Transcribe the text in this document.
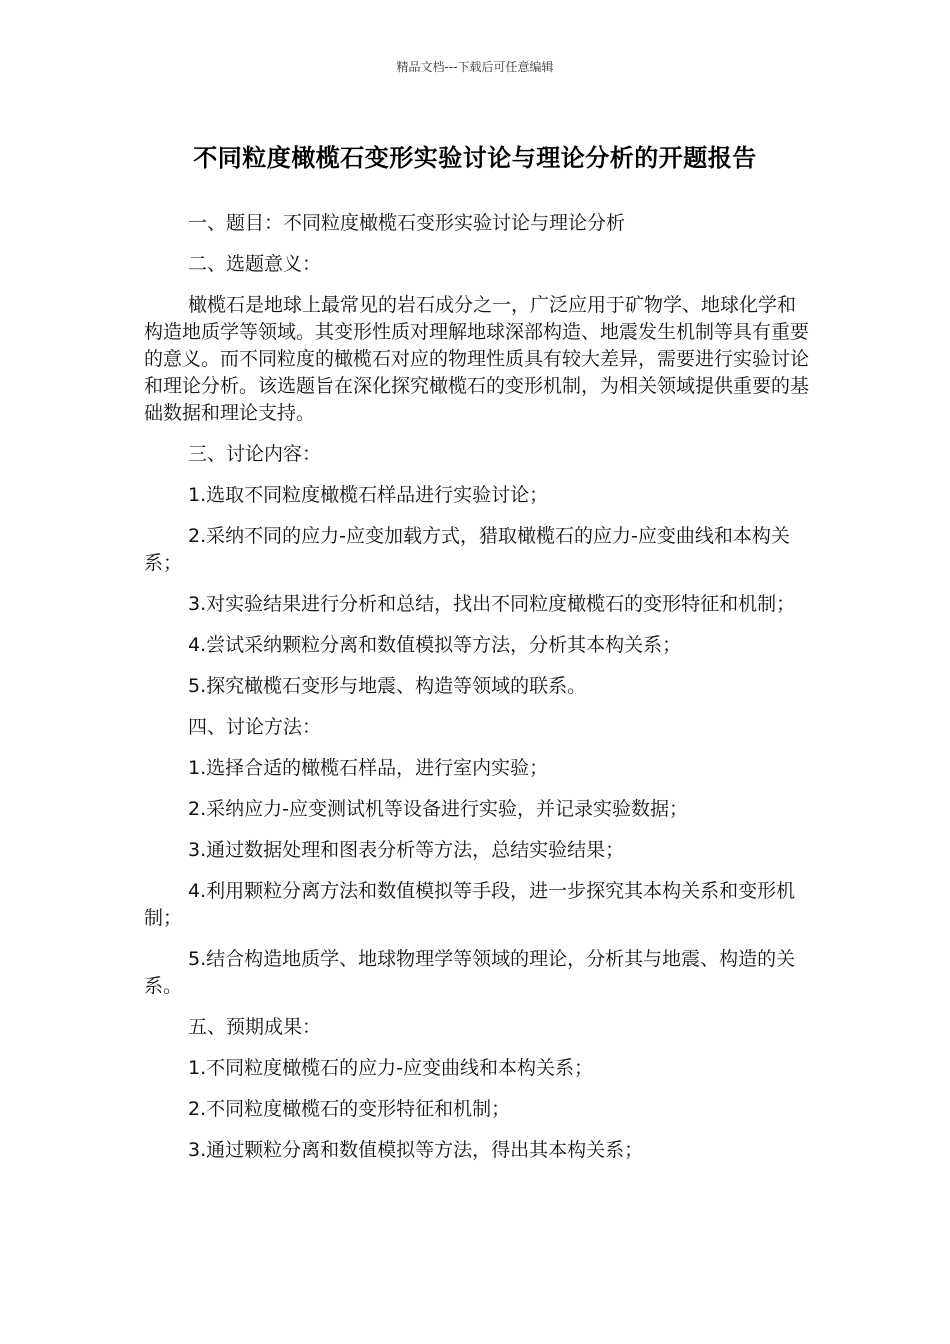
精品文档---下载后可任意编辑
不同粒度橄榄石变形实验讨论与理论分析的开题报告

一、题目：不同粒度橄榄石变形实验讨论与理论分析

二、选题意义：

橄榄石是地球上最常见的岩石成分之一，广泛应用于矿物学、地球化学和构造地质学等领域。其变形性质对理解地球深部构造、地震发生机制等具有重要的意义。而不同粒度的橄榄石对应的物理性质具有较大差异，需要进行实验讨论和理论分析。该选题旨在深化探究橄榄石的变形机制，为相关领域提供重要的基础数据和理论支持。

三、讨论内容：

1.选取不同粒度橄榄石样品进行实验讨论；

2.采纳不同的应力-应变加载方式，猎取橄榄石的应力-应变曲线和本构关系；

3.对实验结果进行分析和总结，找出不同粒度橄榄石的变形特征和机制；

4.尝试采纳颗粒分离和数值模拟等方法，分析其本构关系；

5.探究橄榄石变形与地震、构造等领域的联系。

四、讨论方法：

1.选择合适的橄榄石样品，进行室内实验；

2.采纳应力-应变测试机等设备进行实验，并记录实验数据；

3.通过数据处理和图表分析等方法，总结实验结果；

4.利用颗粒分离方法和数值模拟等手段，进一步探究其本构关系和变形机制；

5.结合构造地质学、地球物理学等领域的理论，分析其与地震、构造的关系。

五、预期成果：

1.不同粒度橄榄石的应力-应变曲线和本构关系；

2.不同粒度橄榄石的变形特征和机制；

3.通过颗粒分离和数值模拟等方法，得出其本构关系；
